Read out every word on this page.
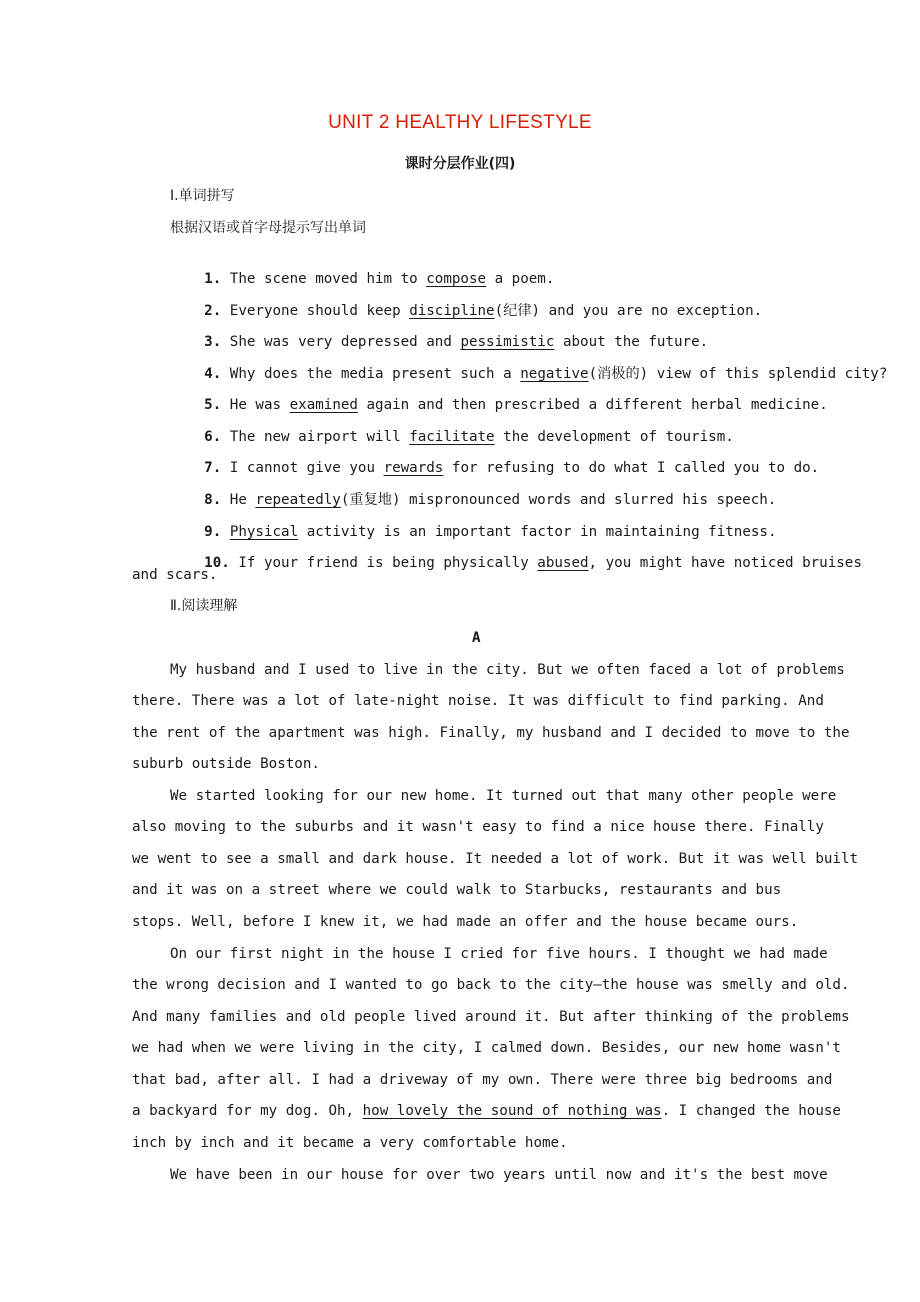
UNIT 2 HEALTHY LIFESTYLE
课时分层作业(四)
Ⅰ.单词拼写
根据汉语或首字母提示写出单词

1. The scene moved him to compose a poem.

2. Everyone should keep discipline(纪律) and you are no exception.

3. She was very depressed and pessimistic about the future.

4. Why does the media present such a negative(消极的) view of this splendid city?

5. He was examined again and then prescribed a different herbal medicine.

6. The new airport will facilitate the development of tourism.

7. I cannot give you rewards for refusing to do what I called you to do.

8. He repeatedly(重复地) mispronounced words and slurred his speech.

9. Physical activity is an important factor in maintaining fitness.

10. If your friend is being physically abused, you might have noticed bruises

and scars.
Ⅱ.阅读理解
A
My husband and I used to live in the city. But we often faced a lot of problems
there. There was a lot of late-night noise. It was difficult to find parking. And
the rent of the apartment was high. Finally, my husband and I decided to move to the
suburb outside Boston.
We started looking for our new home. It turned out that many other people were
also moving to the suburbs and it wasn't easy to find a nice house there. Finally
we went to see a small and dark house. It needed a lot of work. But it was well built
and it was on a street where we could walk to Starbucks, restaurants and bus
stops. Well, before I knew it, we had made an offer and the house became ours.
On our first night in the house I cried for five hours. I thought we had made
the wrong decision and I wanted to go back to the city—the house was smelly and old.
And many families and old people lived around it. But after thinking of the problems
we had when we were living in the city, I calmed down. Besides, our new home wasn't
that bad, after all. I had a driveway of my own. There were three big bedrooms and
a backyard for my dog. Oh, how lovely the sound of nothing was. I changed the house
inch by inch and it became a very comfortable home.
We have been in our house for over two years until now and it's the best move
